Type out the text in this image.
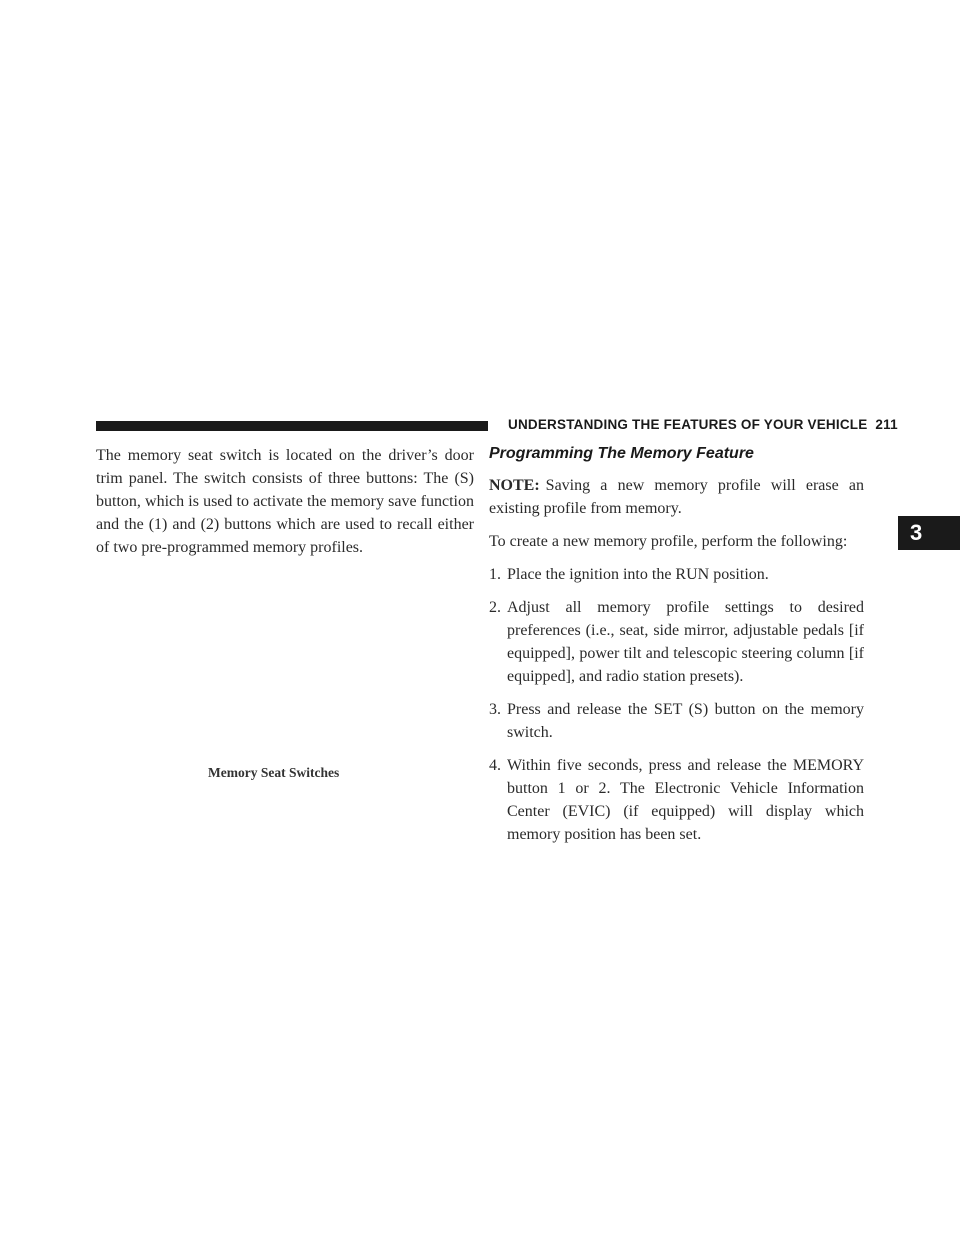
UNDERSTANDING THE FEATURES OF YOUR VEHICLE 211
3

The memory seat switch is located on the driver’s door trim panel. The switch consists of three buttons: The (S) button, which is used to activate the memory save function and the (1) and (2) buttons which are used to recall either of two pre-programmed memory profiles.

Memory Seat Switches
Programming The Memory Feature

NOTE: Saving a new memory profile will erase an existing profile from memory.

To create a new memory profile, perform the following:

1. Place the ignition into the RUN position.
2. Adjust all memory profile settings to desired preferences (i.e., seat, side mirror, adjustable pedals [if equipped], power tilt and telescopic steering column [if equipped], and radio station presets).
3. Press and release the SET (S) button on the memory switch.
4. Within five seconds, press and release the MEMORY button 1 or 2. The Electronic Vehicle Information Center (EVIC) (if equipped) will display which memory position has been set.
